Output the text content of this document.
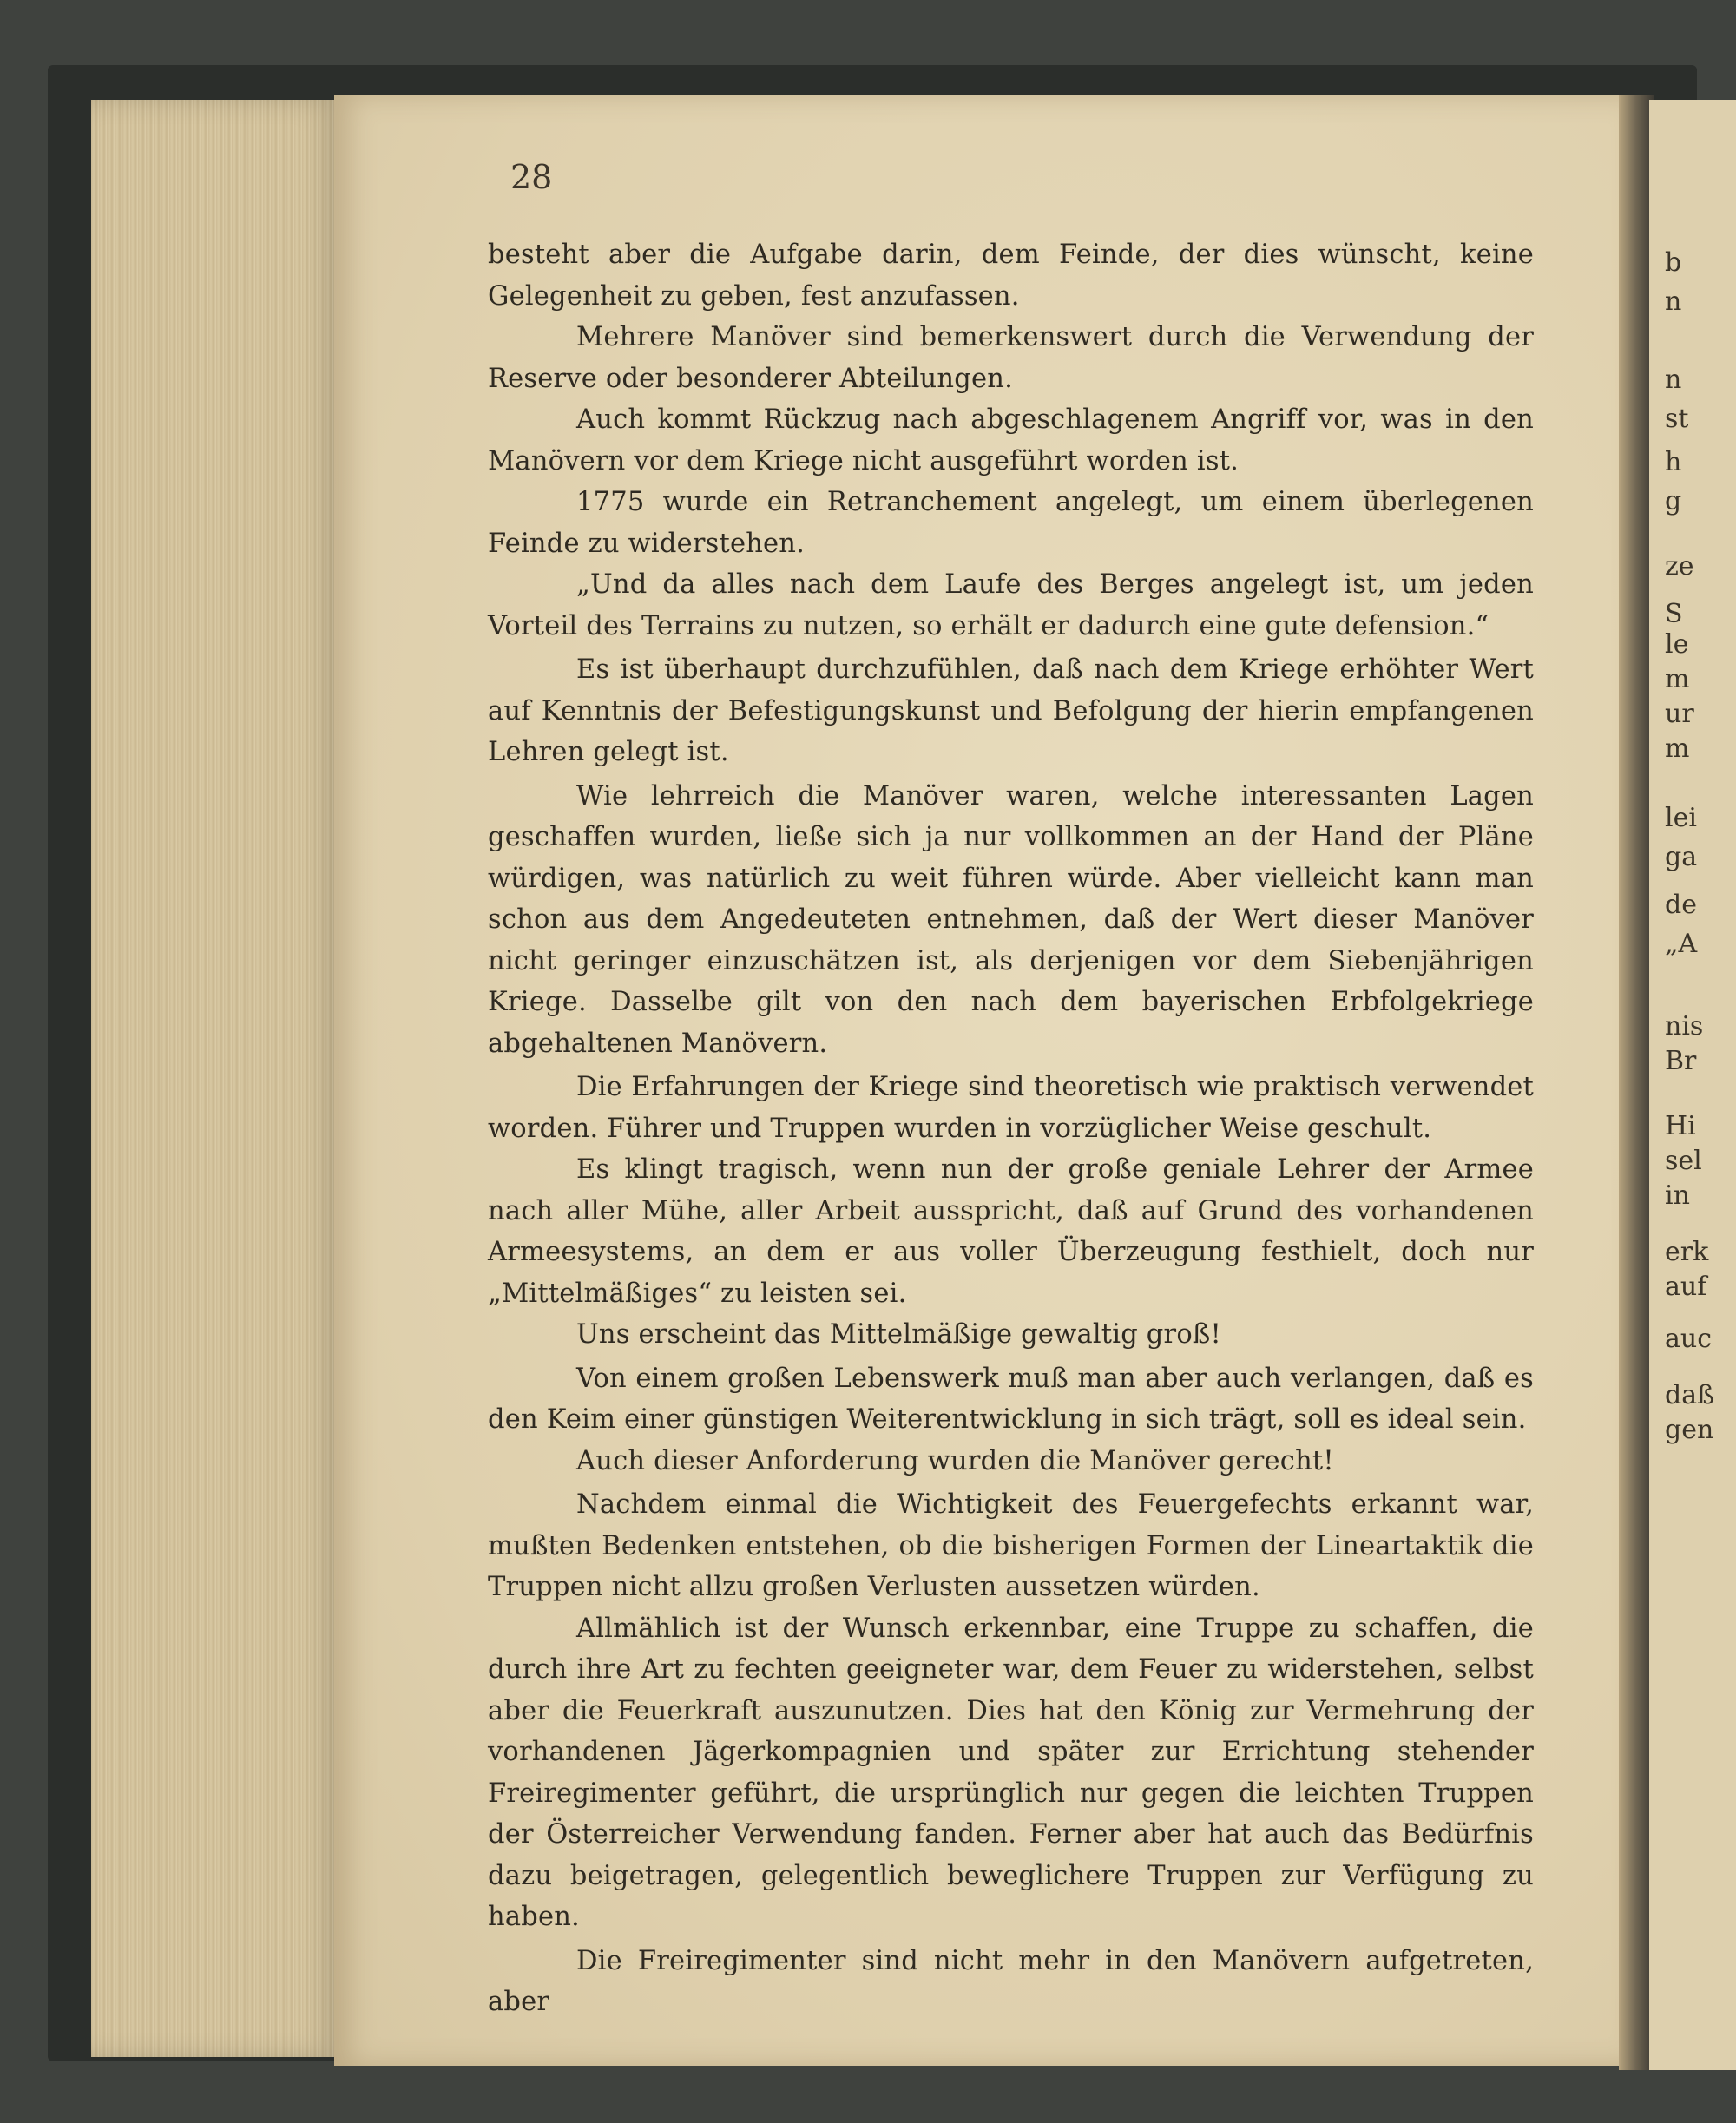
b
n
n
st
h
g
ze
S
le
m
ur
m
lei
ga
de
„A
nis
Br
Hi
sel
in
erk
auf
auc
daß
gen
28

besteht aber die Aufgabe darin, dem Feinde, der dies wünscht, keine Gelegenheit zu geben, fest anzufassen.

Mehrere Manöver sind bemerkenswert durch die Verwendung der Reserve oder besonderer Abteilungen.

Auch kommt Rückzug nach abgeschlagenem Angriff vor, was in den Manövern vor dem Kriege nicht ausgeführt worden ist.

1775 wurde ein Retranchement angelegt, um einem überlegenen Feinde zu widerstehen.

„Und da alles nach dem Laufe des Berges angelegt ist, um jeden Vorteil des Terrains zu nutzen, so erhält er dadurch eine gute defension.“

Es ist überhaupt durchzufühlen, daß nach dem Kriege erhöhter Wert auf Kenntnis der Befestigungskunst und Befolgung der hierin empfangenen Lehren gelegt ist.

Wie lehrreich die Manöver waren, welche interessanten Lagen geschaffen wurden, ließe sich ja nur vollkommen an der Hand der Pläne würdigen, was natürlich zu weit führen würde. Aber vielleicht kann man schon aus dem Angedeuteten entnehmen, daß der Wert dieser Manöver nicht geringer einzuschätzen ist, als derjenigen vor dem Siebenjährigen Kriege. Dasselbe gilt von den nach dem bayerischen Erbfolgekriege abgehaltenen Manövern.

Die Erfahrungen der Kriege sind theoretisch wie praktisch verwendet worden. Führer und Truppen wurden in vorzüglicher Weise geschult.

Es klingt tragisch, wenn nun der große geniale Lehrer der Armee nach aller Mühe, aller Arbeit ausspricht, daß auf Grund des vorhandenen Armeesystems, an dem er aus voller Überzeugung festhielt, doch nur „Mittelmäßiges“ zu leisten sei.

Uns erscheint das Mittelmäßige gewaltig groß!

Von einem großen Lebenswerk muß man aber auch verlangen, daß es den Keim einer günstigen Weiterentwicklung in sich trägt, soll es ideal sein.

Auch dieser Anforderung wurden die Manöver gerecht!

Nachdem einmal die Wichtigkeit des Feuergefechts erkannt war, mußten Bedenken entstehen, ob die bisherigen Formen der Lineartaktik die Truppen nicht allzu großen Verlusten aussetzen würden.

Allmählich ist der Wunsch erkennbar, eine Truppe zu schaffen, die durch ihre Art zu fechten geeigneter war, dem Feuer zu widerstehen, selbst aber die Feuerkraft auszunutzen. Dies hat den König zur Vermehrung der vorhandenen Jägerkompagnien und später zur Errichtung stehender Freiregimenter geführt, die ursprünglich nur gegen die leichten Truppen der Österreicher Verwendung fanden. Ferner aber hat auch das Bedürfnis dazu beigetragen, gelegentlich beweglichere Truppen zur Verfügung zu haben.

Die Freiregimenter sind nicht mehr in den Manövern aufgetreten, aber
